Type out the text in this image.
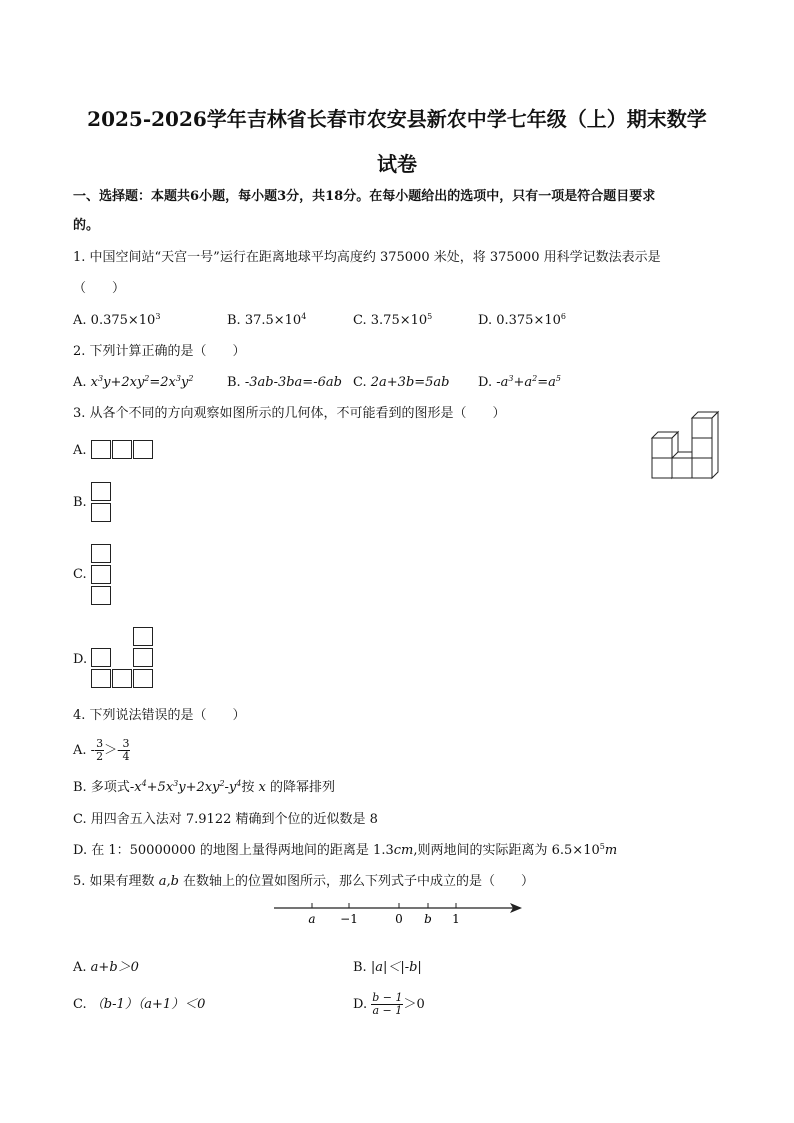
2025-2026学年吉林省长春市农安县新农中学七年级（上）期末数学
试卷
一、选择题：本题共6小题，每小题3分，共18分。在每小题给出的选项中，只有一项是符合题目要求
的。
1. 中国空间站“天宫一号”运行在距离地球平均高度约 375000 米处，将 375000 用科学记数法表示是
（　　）
A. $0.375\times 10^3$	B. $37.5\times 10^4$	C. $3.75\times 10^5$	D. $0.375\times 10^6$
2. 下列计算正确的是（　　）
A. $x^3y+2xy^2=2x^3y^2$	B. -3ab-3ba=-6ab C. 2a+3b=5ab D. $-a^3+a^2=a^5$
3. 从各个不同的方向观察如图所示的几何体，不可能看到的图形是（　　）
A.
B.
C.
D.
4. 下列说法错误的是（　　）
A. - $\frac{3}{2} >- \frac{3}{4}$
B. 多项式$-x^4+5x^3y+2xy^2-y^4$按 x 的降幂排列
C. 用四舍五入法对 7.9122 精确到个位的近似数是 8
D. 在 1：50000000 的地图上量得两地间的距离是 1.3cm,则两地间的实际距离为 $6.5\times 10^5m$
5. 如果有理数 a,b 在数轴上的位置如图所示，那么下列式子中成立的是（　　）
a −1	0 b 1
A. a+b＞0	B. |a|＜|-b|
C. （b-1）（a+1）＜0	D. $\frac{b - 1}{a - 1} >0$
